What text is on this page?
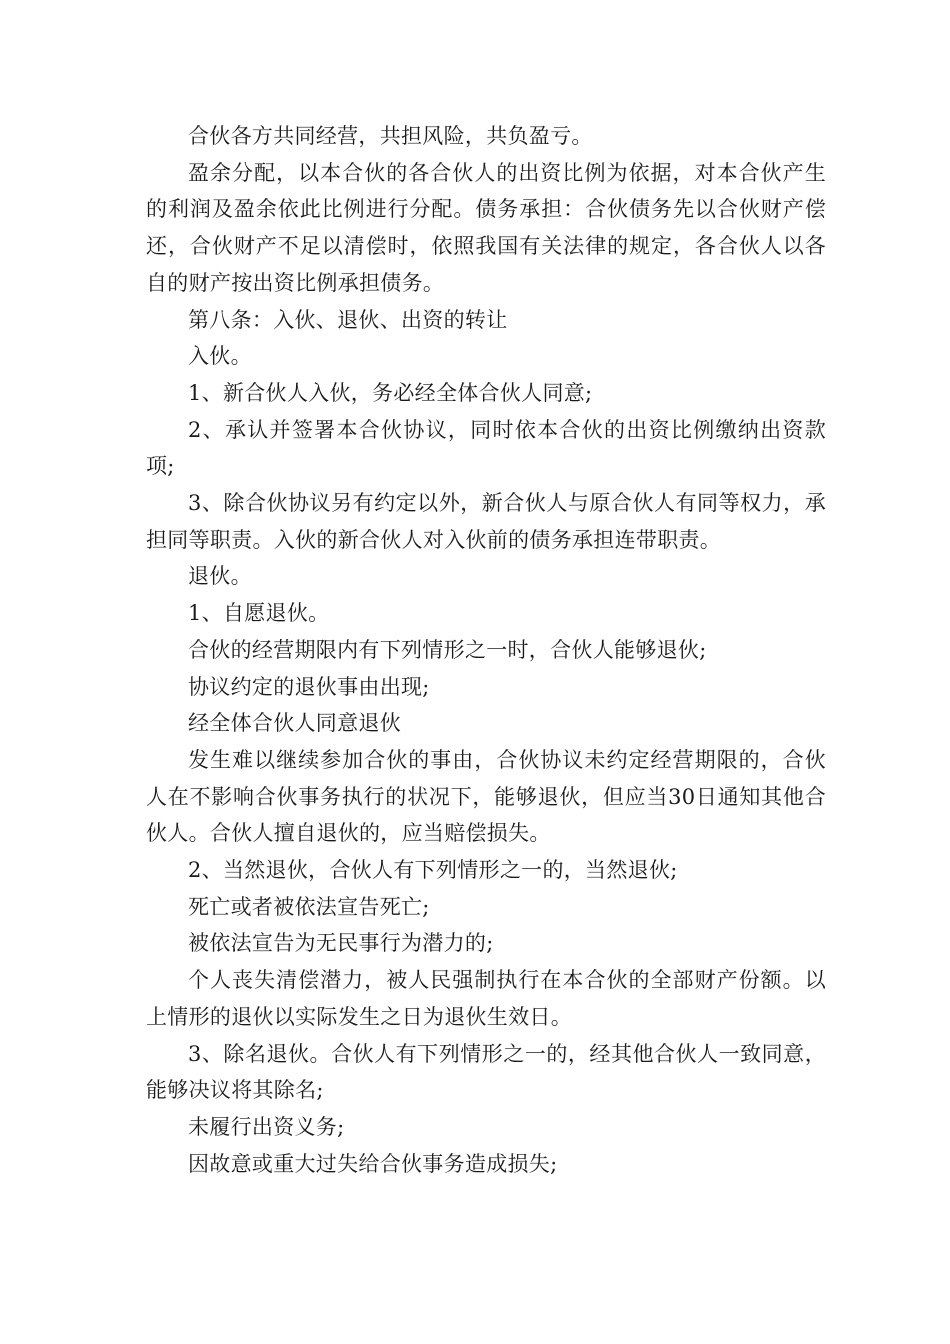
合伙各方共同经营，共担风险，共负盈亏。

盈余分配，以本合伙的各合伙人的出资比例为依据，对本合伙产生的利润及盈余依此比例进行分配。债务承担：合伙债务先以合伙财产偿还，合伙财产不足以清偿时，依照我国有关法律的规定，各合伙人以各自的财产按出资比例承担债务。

第八条：入伙、退伙、出资的转让

入伙。

1、新合伙人入伙，务必经全体合伙人同意;

2、承认并签署本合伙协议，同时依本合伙的出资比例缴纳出资款项;

3、除合伙协议另有约定以外，新合伙人与原合伙人有同等权力，承担同等职责。入伙的新合伙人对入伙前的债务承担连带职责。

退伙。

1、自愿退伙。

合伙的经营期限内有下列情形之一时，合伙人能够退伙;

协议约定的退伙事由出现;

经全体合伙人同意退伙

发生难以继续参加合伙的事由，合伙协议未约定经营期限的，合伙人在不影响合伙事务执行的状况下，能够退伙，但应当30日通知其他合伙人。合伙人擅自退伙的，应当赔偿损失。

2、当然退伙，合伙人有下列情形之一的，当然退伙;

死亡或者被依法宣告死亡;

被依法宣告为无民事行为潜力的;

个人丧失清偿潜力，被人民强制执行在本合伙的全部财产份额。以上情形的退伙以实际发生之日为退伙生效日。

3、除名退伙。合伙人有下列情形之一的，经其他合伙人一致同意，能够决议将其除名;

未履行出资义务;

因故意或重大过失给合伙事务造成损失;
